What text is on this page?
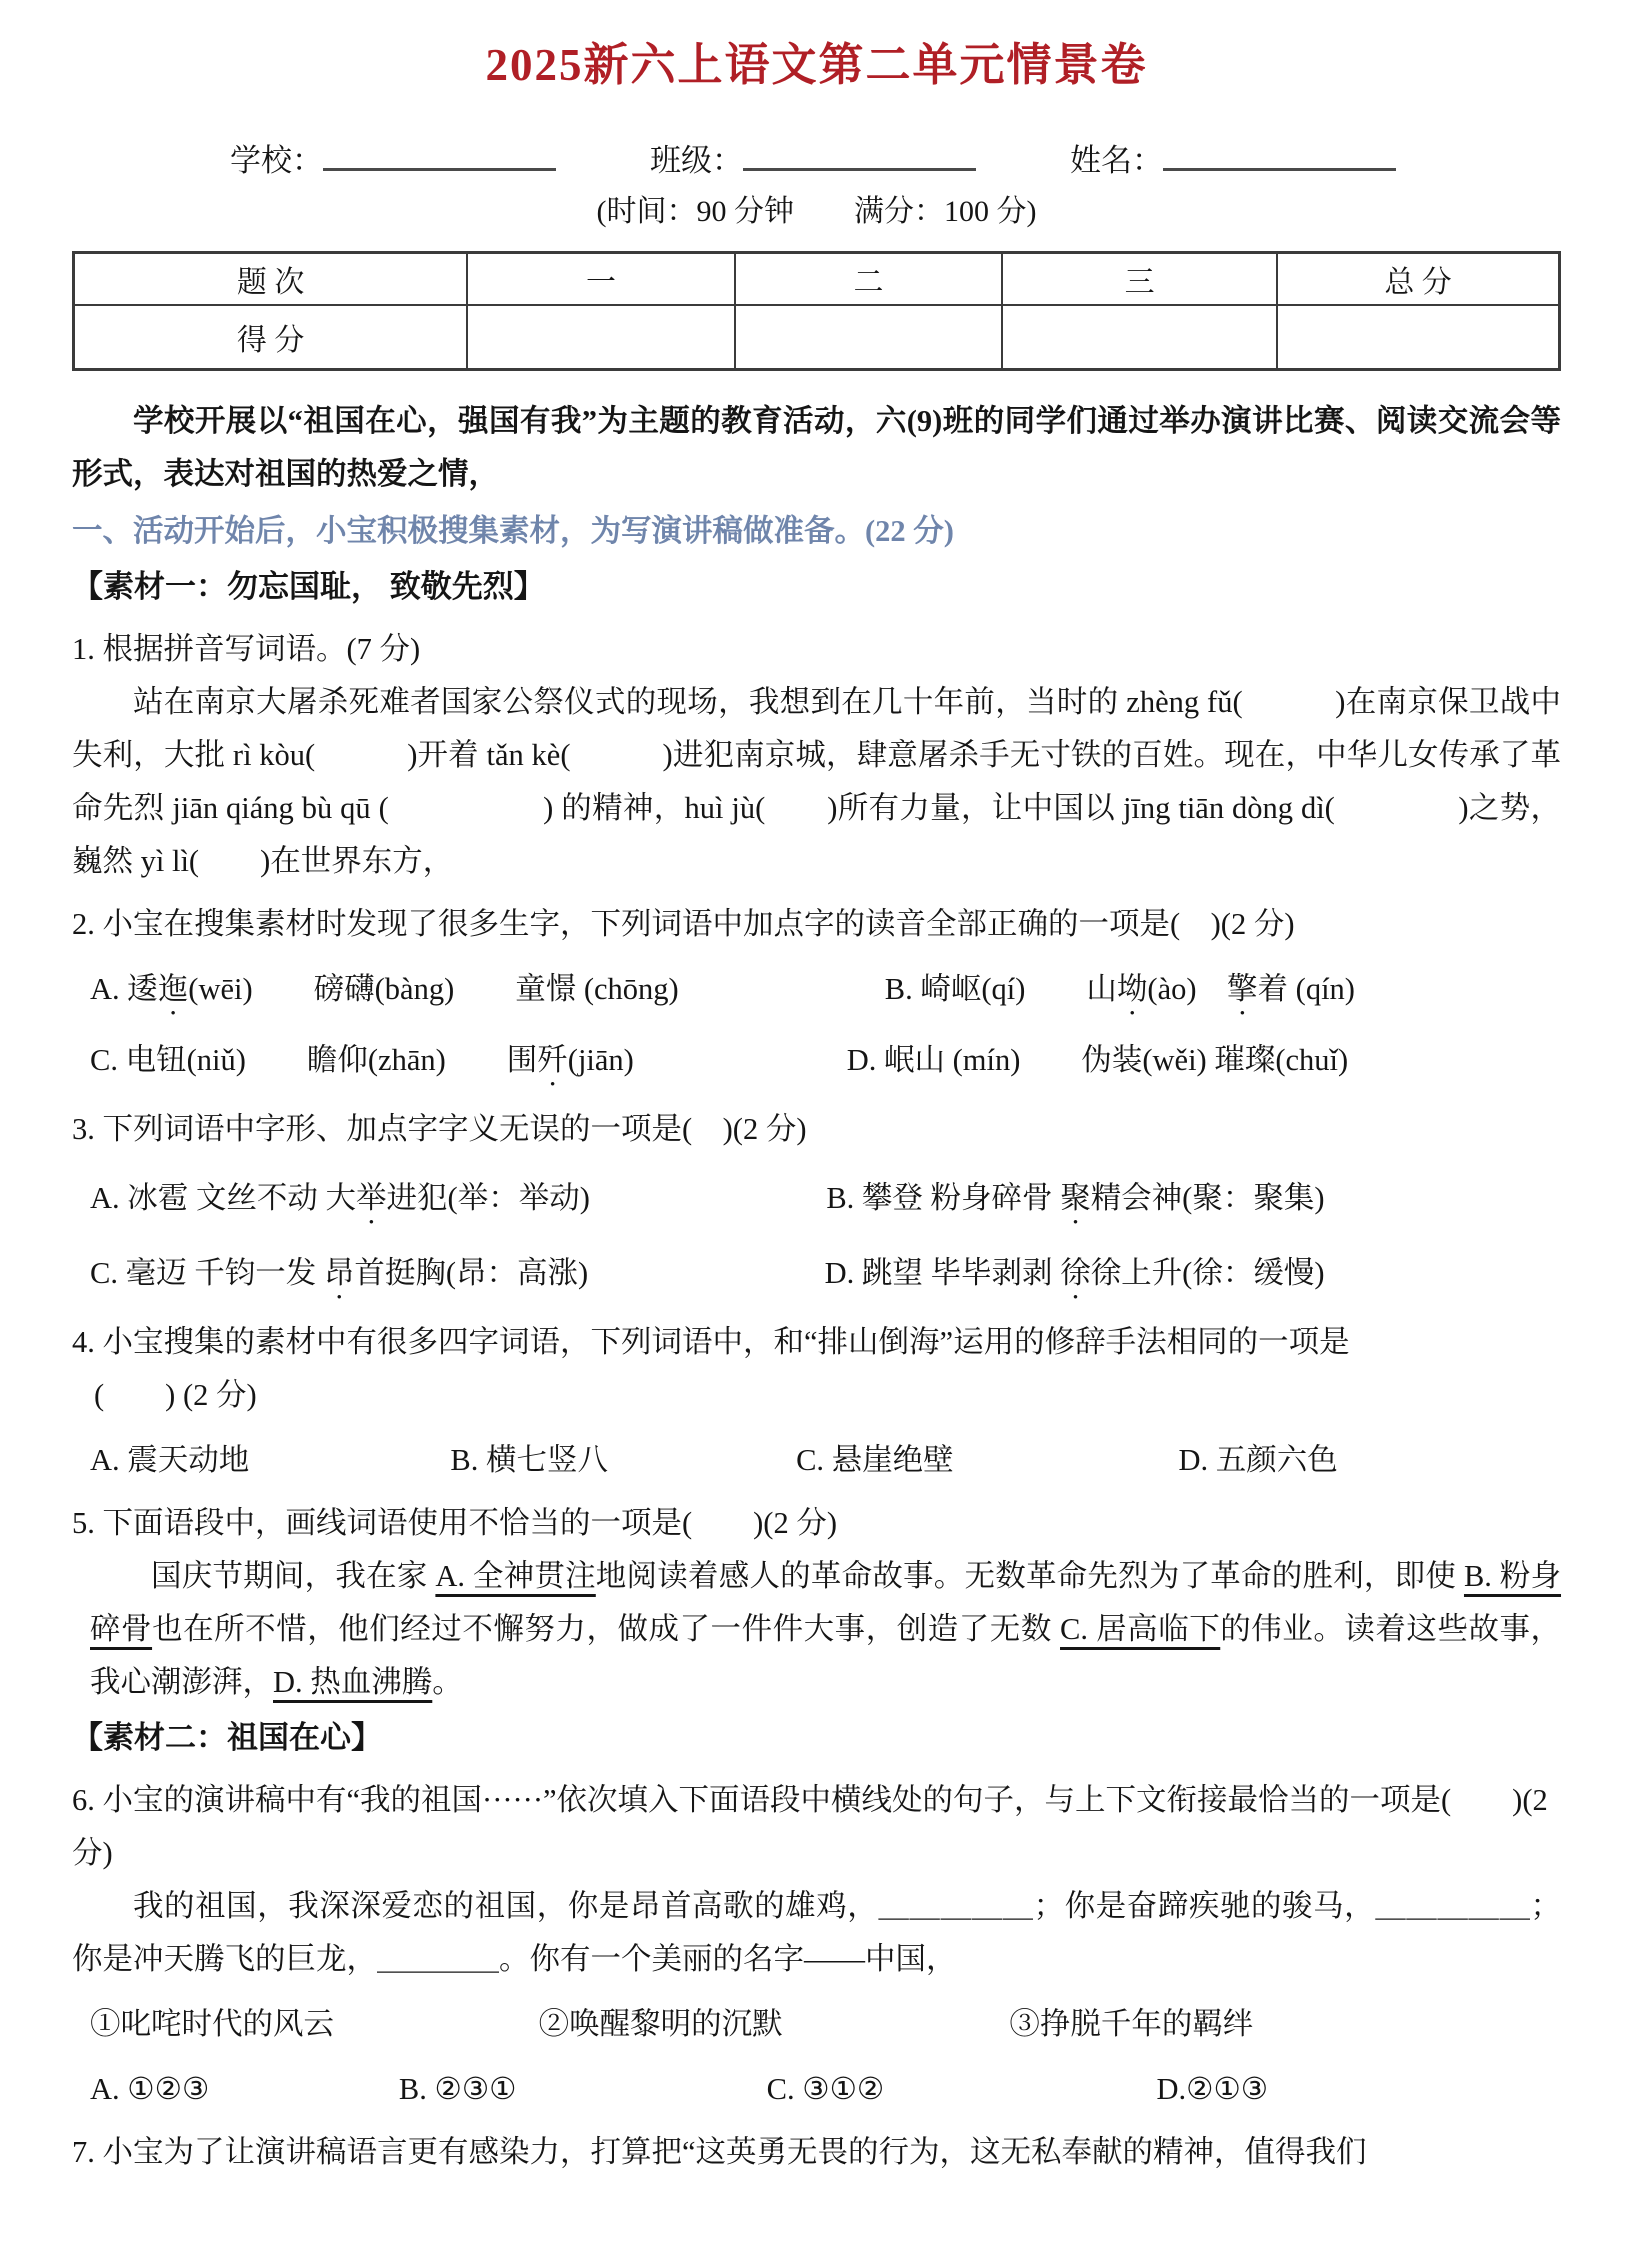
2025新六上语文第二单元情景卷
学校：	班级：	姓名：
(时间：90 分钟　　满分：100 分)
题 次	一	二	三	总 分
得 分				

学校开展以“祖国在心，强国有我”为主题的教育活动，六(9)班的同学们通过举办演讲比赛、阅读交流会等形式，表达对祖国的热爱之情，

一、活动开始后，小宝积极搜集素材，为写演讲稿做准备。(22 分)

【素材一：勿忘国耻， 致敬先烈】

1. 根据拼音写词语。(7 分)

站在南京大屠杀死难者国家公祭仪式的现场，我想到在几十年前，当时的 zhèng fǔ(　　　)在南京保卫战中失利，大批 rì kòu(　　　)开着 tǎn kè(　　　)进犯南京城，肆意屠杀手无寸铁的百姓。现在，中华儿女传承了革命先烈 jiān qiáng bù qū (　　　　　) 的精神，huì jù(　　)所有力量，让中国以 jīng tiān dòng dì(　　　　)之势，巍然 yì lì(　　)在世界东方，

2. 小宝在搜集素材时发现了很多生字，下列词语中加点字的读音全部正确的一项是(　)(2 分)

A. 逶迤(wēi)　　磅礴(bàng)　　童憬 (chōng)	B. 崎岖(qí)　　山坳(ào)　擎着 (qín)
C. 电钮(niǔ)　　瞻仰(zhān)　　围歼(jiān)	D. 岷山 (mín)　　伪装(wěi) 璀璨(chuǐ)

3. 下列词语中字形、加点字字义无误的一项是(　)(2 分)

A. 冰雹 文丝不动 大举进犯(举：举动)	B. 攀登 粉身碎骨 聚精会神(聚：聚集)
C. 毫迈 千钧一发 昂首挺胸(昂：高涨)	D. 跳望 毕毕剥剥 徐徐上升(徐：缓慢)

4. 小宝搜集的素材中有很多四字词语，下列词语中，和“排山倒海”运用的修辞手法相同的一项是

(　　) (2 分)

A. 震天动地	B. 横七竖八	C. 悬崖绝壁	D. 五颜六色

5. 下面语段中，画线词语使用不恰当的一项是(　　)(2 分)

国庆节期间，我在家 A. 全神贯注地阅读着感人的革命故事。无数革命先烈为了革命的胜利，即使 B. 粉身碎骨也在所不惜，他们经过不懈努力，做成了一件件大事，创造了无数 C. 居高临下的伟业。读着这些故事，我心潮澎湃，D. 热血沸腾。

【素材二：祖国在心】

6. 小宝的演讲稿中有“我的祖国······”依次填入下面语段中横线处的句子，与上下文衔接最恰当的一项是(　　)(2 分)

我的祖国，我深深爱恋的祖国，你是昂首高歌的雄鸡，＿＿＿＿＿；你是奋蹄疾驰的骏马，＿＿＿＿＿；你是冲天腾飞的巨龙，＿＿＿＿。你有一个美丽的名字——中国，

①叱咤时代的风云	②唤醒黎明的沉默	③挣脱千年的羁绊
A. ①②③	B. ②③①	C. ③①②	D.②①③

7. 小宝为了让演讲稿语言更有感染力，打算把“这英勇无畏的行为，这无私奉献的精神，值得我们
